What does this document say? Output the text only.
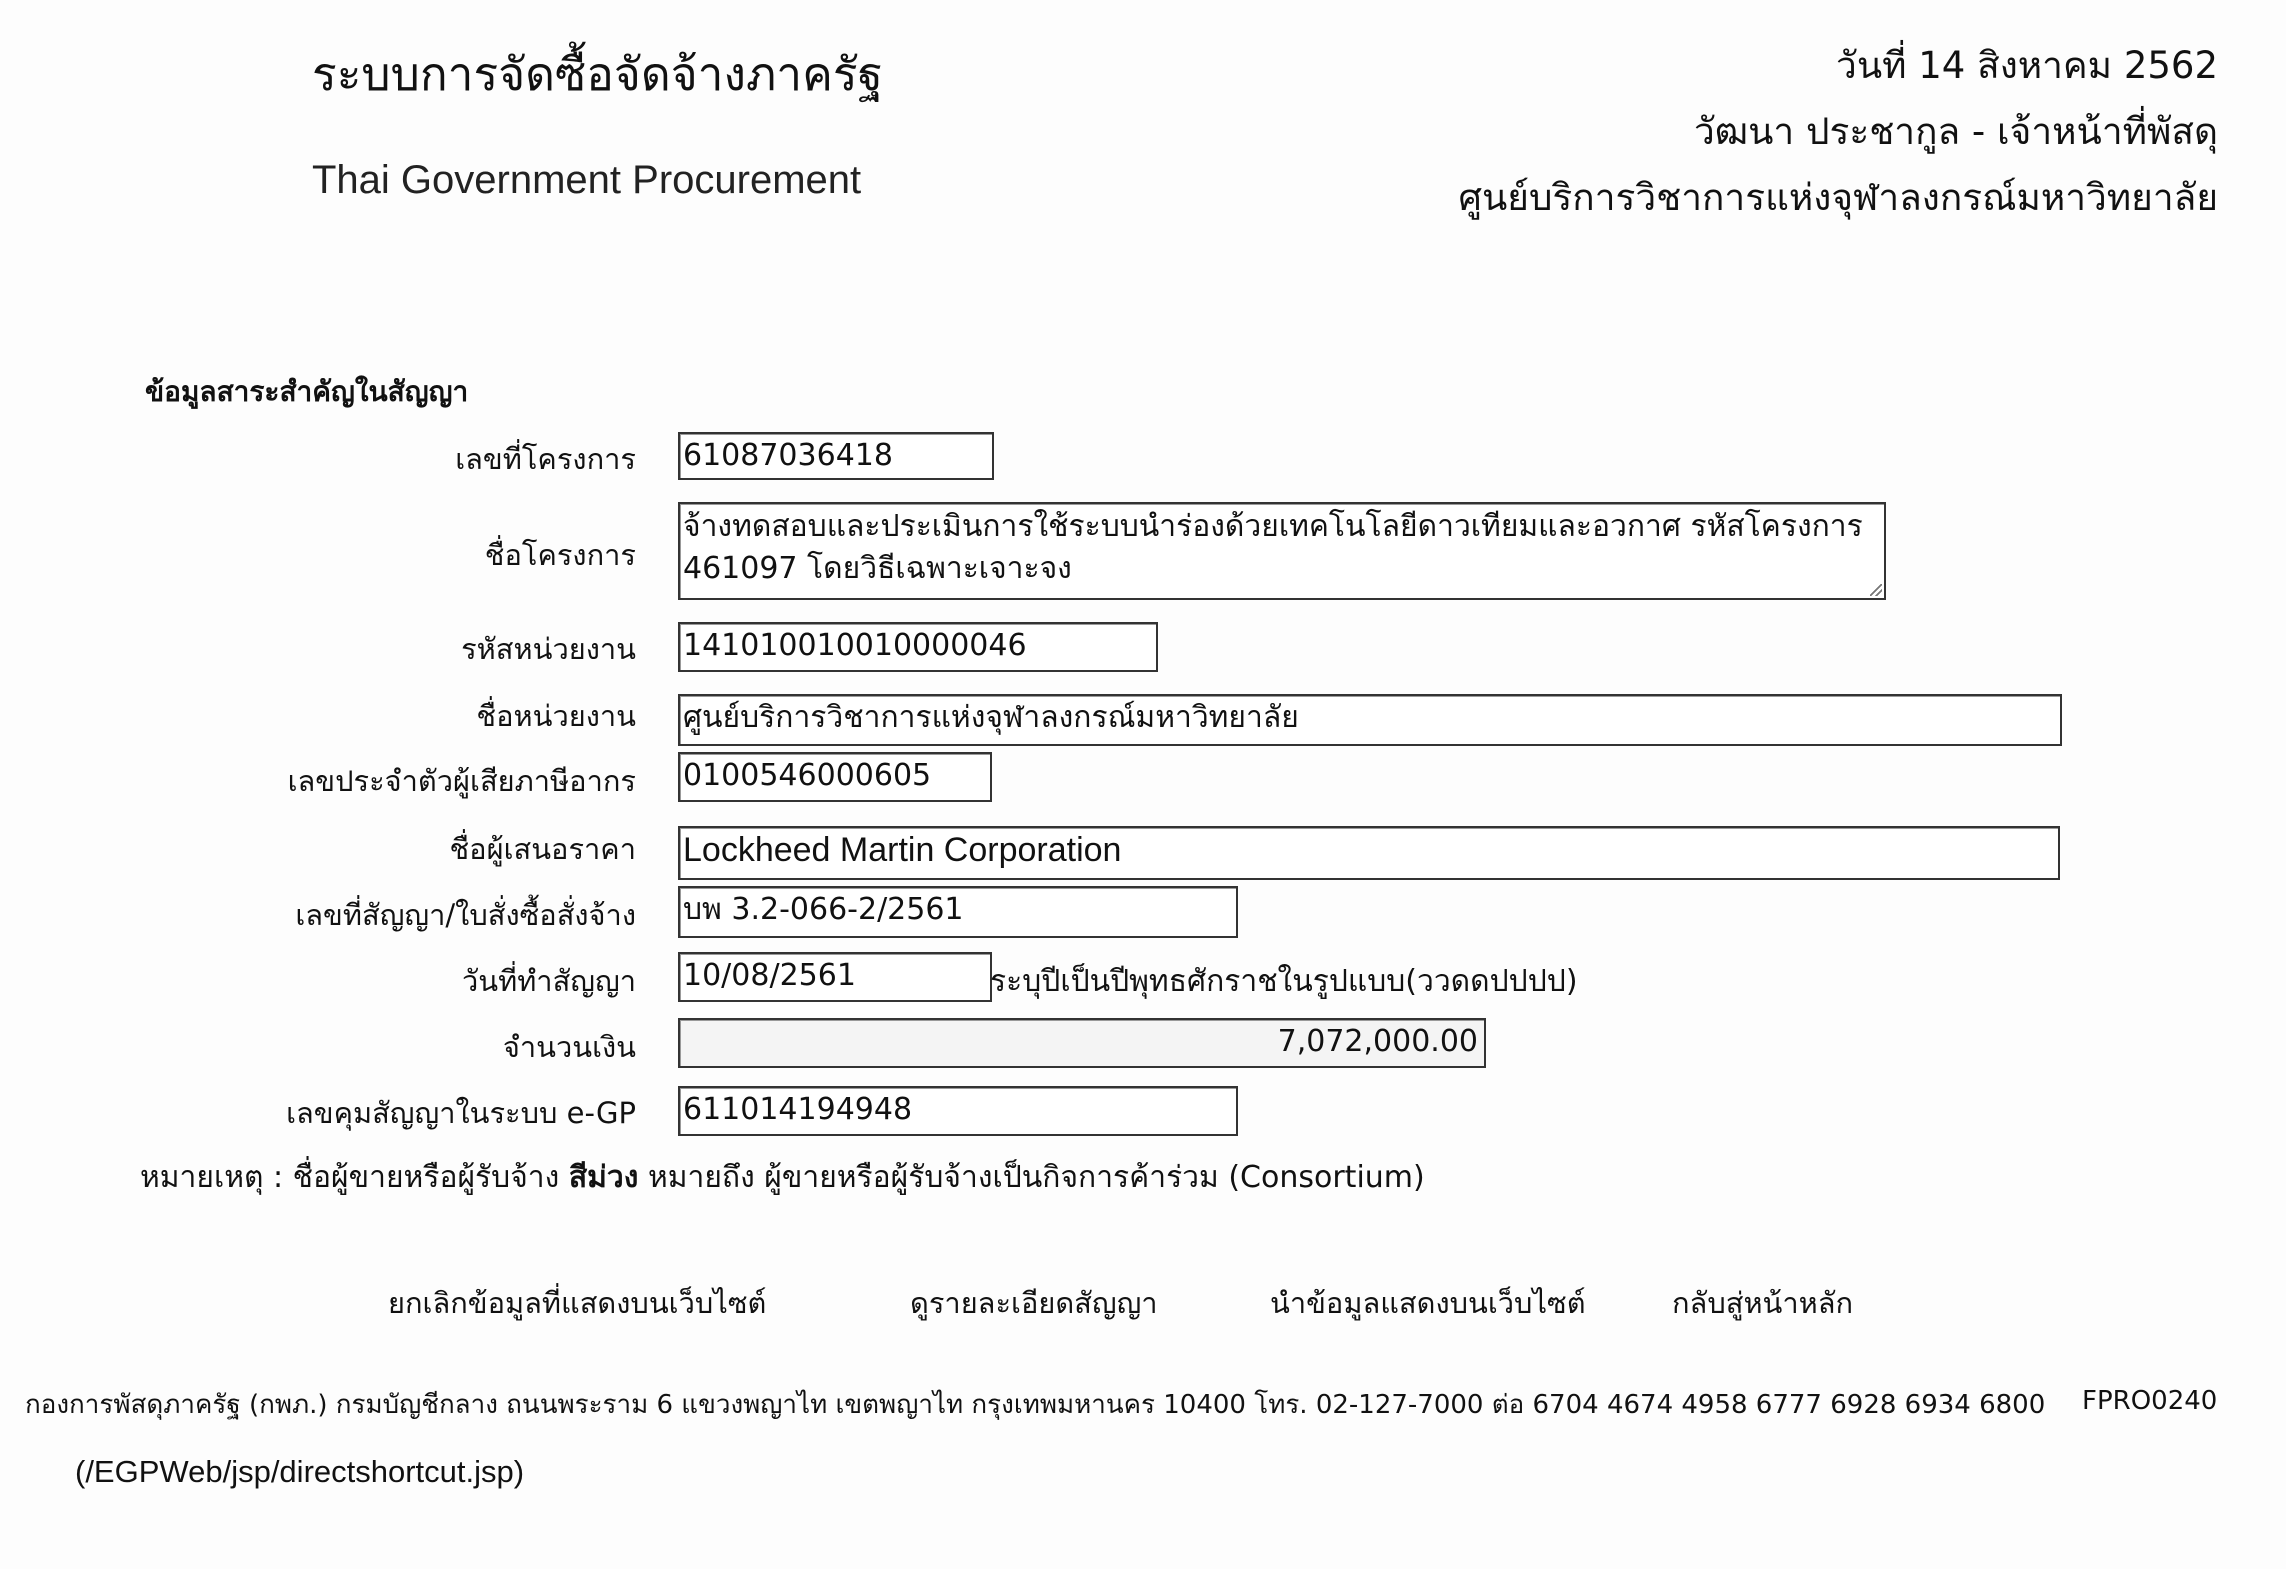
ระบบการจัดซื้อจัดจ้างภาครัฐ
Thai Government Procurement
วันที่ 14 สิงหาคม 2562
วัฒนา ประชากูล - เจ้าหน้าที่พัสดุ
ศูนย์บริการวิชาการแห่งจุฬาลงกรณ์มหาวิทยาลัย
ข้อมูลสาระสำคัญในสัญญา
เลขที่โครงการ 61087036418
ชื่อโครงการ
จ้างทดสอบและประเมินการใช้ระบบนำร่องด้วยเทคโนโลยีดาวเทียมและอวกาศ รหัสโครงการ 461097 โดยวิธีเฉพาะเจาะจง
รหัสหน่วยงาน 141010010010000046
ชื่อหน่วยงาน ศูนย์บริการวิชาการแห่งจุฬาลงกรณ์มหาวิทยาลัย
เลขประจำตัวผู้เสียภาษีอากร 0100546000605
ชื่อผู้เสนอราคา Lockheed Martin Corporation
เลขที่สัญญา/ใบสั่งซื้อสั่งจ้าง บพ 3.2-066-2/2561
วันที่ทำสัญญา 10/08/2561	ระบุปีเป็นปีพุทธศักราชในรูปแบบ(ววดดปปปป)
จำนวนเงิน	7,072,000.00
เลขคุมสัญญาในระบบ e-GP 611014194948
หมายเหตุ : ชื่อผู้ขายหรือผู้รับจ้าง สีม่วง หมายถึง ผู้ขายหรือผู้รับจ้างเป็นกิจการค้าร่วม (Consortium)
ยกเลิกข้อมูลที่แสดงบนเว็บไซต์	ดูรายละเอียดสัญญา	นำข้อมูลแสดงบนเว็บไซต์	กลับสู่หน้าหลัก
กองการพัสดุภาครัฐ (กพภ.) กรมบัญชีกลาง ถนนพระราม 6 แขวงพญาไท เขตพญาไท กรุงเทพมหานคร 10400 โทร. 02-127-7000 ต่อ 6704 4674 4958 6777 6928 6934 6800 FPRO0240
(/EGPWeb/jsp/directshortcut.jsp)
